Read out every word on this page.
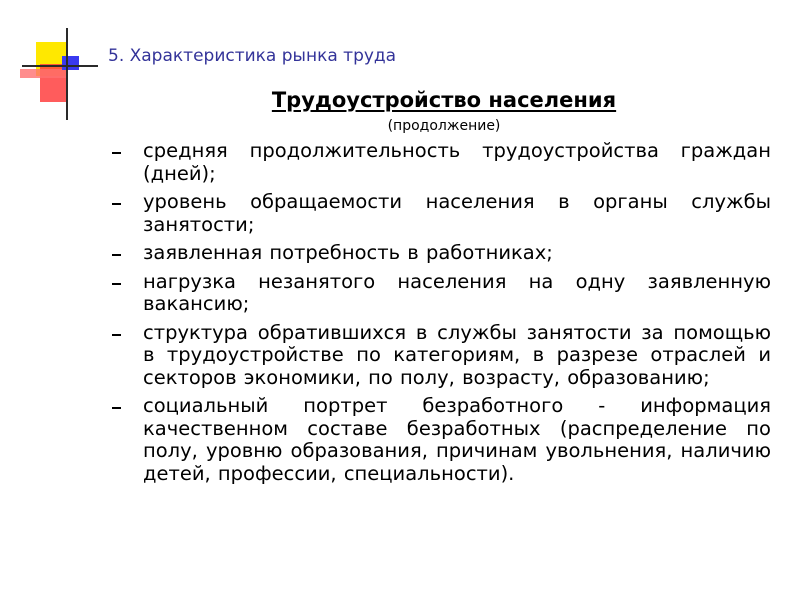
5. Характеристика рынка труда
Трудоустройство населения
(продолжение)
средняя продолжительность трудоустройства граждан (дней);
уровень обращаемости населения в органы службы занятости;
заявленная потребность в работниках;
нагрузка незанятого населения на одну заявленную вакансию;
структура обратившихся в службы занятости за помощью в трудоустройстве по категориям, в разрезе отраслей и секторов экономики, по полу, возрасту, образованию;
социальный портрет безработного - информация качественном составе безработных (распределение по полу, уровню образования, причинам увольнения, наличию детей, профессии, специальности).
